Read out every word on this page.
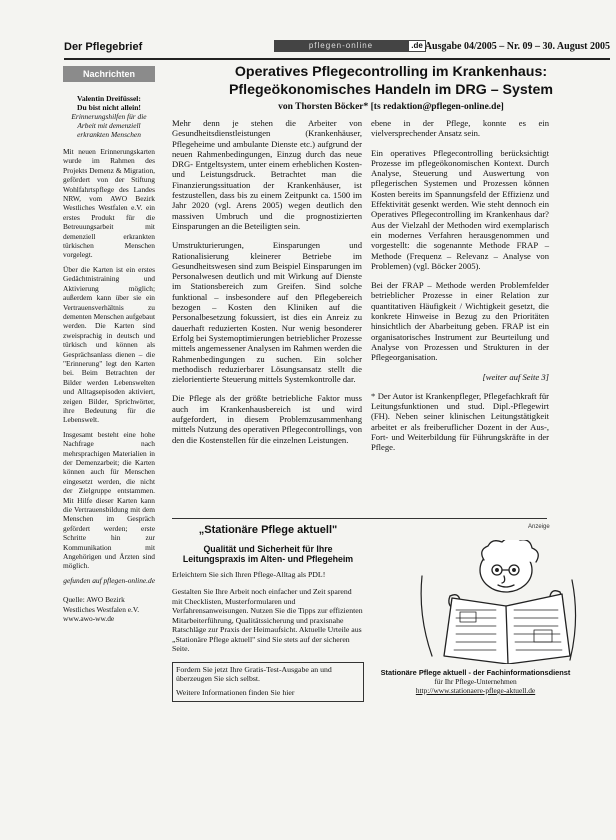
Der Pflegebrief	pflegen-online	.de Ausgabe 04/2005 – Nr. 09 – 30. August 2005
Nachrichten
Valentin Dreifüssel:
Du bist nicht allein!
Erinnerungshilfen für die Arbeit mit demenziell erkrankten Menschen

Mit neuen Erinnerungskarten wurde im Rahmen des Projekts Demenz & Migration, gefördert von der Stiftung Wohlfahrtspflege des Landes NRW, vom AWO Bezirk Westliches Westfalen e.V. ein erstes Produkt für die Betreuungsarbeit mit demenziell erkrankten türkischen Menschen vorgelegt.

Über die Karten ist ein erstes Gedächtnistraining und Aktivierung möglich; außerdem kann über sie ein Vertrauensverhältnis zu dementen Menschen aufgebaut werden. Die Karten sind zweisprachig in deutsch und türkisch und können als Gesprächsanlass dienen – die "Erinnerung" legt den Karten bei. Beim Betrachten der Bilder werden Lebenswelten und Alltagsepisoden aktiviert, zeigen Bilder, Sprichwörter, ihre Bedeutung für die Lebenswelt.

Insgesamt besteht eine hohe Nachfrage nach mehrsprachigen Materialien in der Demenzarbeit; die Karten können auch für Menschen eingesetzt werden, die nicht der Zielgruppe entstammen. Mit Hilfe dieser Karten kann die Vertrauensbildung mit dem Menschen im Gespräch gefördert werden; erste Schritte hin zur Kommunikation mit Angehörigen und Ärzten sind möglich.

gefunden auf pflegen-online.de

Quelle: AWO Bezirk Westliches Westfalen e.V.

www.awo-ww.de

Operatives Pflegecontrolling im Krankenhaus: Pflegeökonomisches Handeln im DRG – System
von Thorsten Böcker* [ts redaktion@pflegen-online.de]

Mehr denn je stehen die Arbeiter von Gesundheitsdienstleistungen (Krankenhäuser, Pflegeheime und ambulante Dienste etc.) aufgrund der neuen Rahmenbedingungen, Einzug durch das neue DRG- Entgeltsystem, unter einem erheblichen Kosten- und Leistungsdruck. Betrachtet man die Finanzierungssituation der Krankenhäuser, ist festzustellen, dass bis zu einem Zeitpunkt ca. 1500 im Jahr 2020 (vgl. Arens 2005) wegen deutlich den massiven Umbruch und die prognostizierten Einsparungen an die Beteiligten sein.

Umstrukturierungen, Einsparungen und Rationalisierung kleinerer Betriebe im Gesundheitswesen sind zum Beispiel Einsparungen im Personalwesen deutlich und mit Wirkung auf Dienste im Stationsbereich zum Greifen. Sind solche funktional – insbesondere auf den Pflegebereich bezogen – Kosten den Kliniken auf die Personalbesetzung fokussiert, ist dies ein Anreiz zu dauerhaft reduzierten Kosten. Nur wenig besonderer Erfolg bei Systemoptimierungen betrieblicher Prozesse mittels angemessener Analysen im Rahmen werden die Rahmenbedingungen zu suchen. Ein solcher methodisch reduzierbarer Lösungsansatz stellt die zielorientierte Steuerung mittels Systemkontrolle dar.

Die Pflege als der größte betriebliche Faktor muss auch im Krankenhausbereich ist und wird aufgefordert, in diesem Problemzusammenhang mittels Nutzung des operativen Pflegecontrollings, von den die Kostenstellen für die einzelnen Leistungen.

ebene in der Pflege, konnte es ein vielversprechender Ansatz sein.

Ein operatives Pflegecontrolling berücksichtigt Prozesse im pflegeökonomischen Kontext. Durch Analyse, Steuerung und Auswertung von pflegerischen Systemen und Prozessen können Kosten bereits im Spannungsfeld der Effizienz und Effektivität gesenkt werden. Wie steht dennoch ein Operatives Pflegecontrolling im Krankenhaus dar? Aus der Vielzahl der Methoden wird exemplarisch ein modernes Verfahren herausgenommen und vorgestellt: die sogenannte Methode FRAP – Methode (Frequenz – Relevanz – Analyse von Problemen) (vgl. Böcker 2005).

Bei der FRAP – Methode werden Problemfelder betrieblicher Prozesse in einer Relation zur quantitativen Häufigkeit / Wichtigkeit gesetzt, die konkrete Hinweise in Bezug zu den Prioritäten hinsichtlich der Abarbeitung geben. FRAP ist ein organisatorisches Instrument zur Beurteilung und Analyse von Prozessen und Strukturen in der Pflegeorganisation.

[weiter auf Seite 3]

* Der Autor ist Krankenpfleger, Pflegefachkraft für Leitungsfunktionen und stud. Dipl.-Pflegewirt (FH). Neben seiner klinischen Leitungstätigkeit arbeitet er als freiberuflicher Dozent in der Aus-, Fort- und Weiterbildung für Führungskräfte in der Pflege.

Anzeige
„Stationäre Pflege aktuell"
Qualität und Sicherheit für Ihre Leitungspraxis im Alten- und Pflegeheim

Erleichtern Sie sich Ihren Pflege-Alltag als PDL!

Gestalten Sie Ihre Arbeit noch einfacher und Zeit sparend mit Checklisten, Musterformularen und Verfahrensanweisungen. Nutzen Sie die Tipps zur effizienten Mitarbeiterführung, Qualitätssicherung und praxisnahe Ratschläge zur Praxis der Heimaufsicht. Aktuelle Urteile aus „Stationäre Pflege aktuell" sind Sie stets auf der sicheren Seite.

Fordern Sie jetzt Ihre Gratis-Test-Ausgabe an und überzeugen Sie sich selbst.

Weitere Informationen finden Sie hier

Stationäre Pflege aktuell - der Fachinformationsdienst
für Ihr Pflege-Unternehmen
http://www.stationaere-pflege-aktuell.de
